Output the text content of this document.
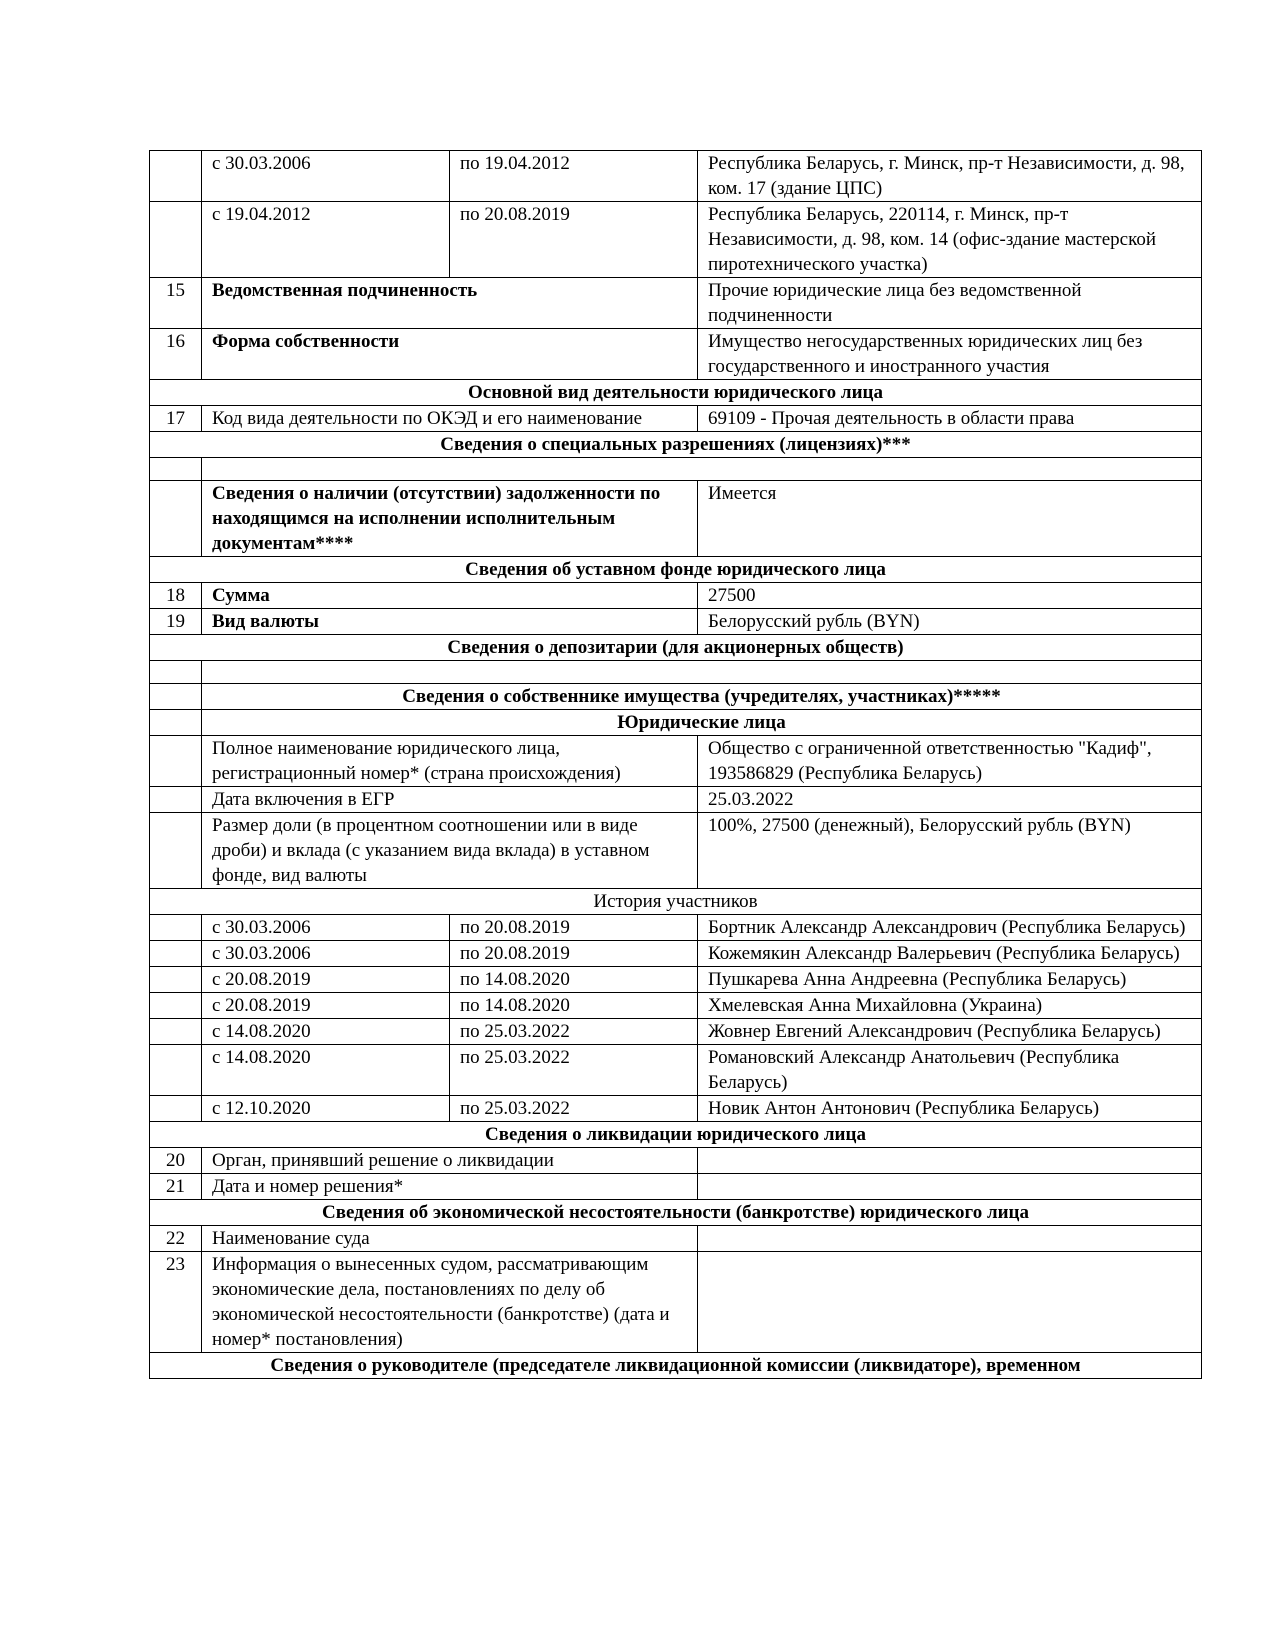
	с 30.03.2006	по 19.04.2012	Республика Беларусь, г. Минск, пр-т Независимости, д. 98, ком. 17 (здание ЦПС)
	с 19.04.2012	по 20.08.2019	Республика Беларусь, 220114, г. Минск, пр-т Независимости, д. 98, ком. 14 (офис-здание мастерской пиротехнического участка)
15	Ведомственная подчиненность		Прочие юридические лица без ведомственной подчиненности
16	Форма собственности		Имущество негосударственных юридических лиц без государственного и иностранного участия
Основной вид деятельности юридического лица			
17	Код вида деятельности по ОКЭД и его наименование		69109 - Прочая деятельность в области права
Сведения о специальных разрешениях (лицензиях)***			

	Сведения о наличии (отсутствии) задолженности по находящимся на исполнении исполнительным документам****		Имеется
Сведения об уставном фонде юридического лица			
18	Сумма		27500
19	Вид валюты		Белорусский рубль (BYN)
Сведения о депозитарии (для акционерных обществ)			

	Сведения о собственнике имущества (учредителях, участниках)*****		
	Юридические лица		
	Полное наименование юридического лица, регистрационный номер* (страна происхождения)		Общество с ограниченной ответственностью "Кадиф", 193586829 (Республика Беларусь)
	Дата включения в ЕГР		25.03.2022
	Размер доли (в процентном соотношении или в виде дроби) и вклада (с указанием вида вклада) в уставном фонде, вид валюты		100%, 27500 (денежный), Белорусский рубль (BYN)
История участников			
	с 30.03.2006	по 20.08.2019	Бортник Александр Александрович (Республика Беларусь)
	с 30.03.2006	по 20.08.2019	Кожемякин Александр Валерьевич (Республика Беларусь)
	с 20.08.2019	по 14.08.2020	Пушкарева Анна Андреевна (Республика Беларусь)
	с 20.08.2019	по 14.08.2020	Хмелевская Анна Михайловна (Украина)
	с 14.08.2020	по 25.03.2022	Жовнер Евгений Александрович (Республика Беларусь)
	с 14.08.2020	по 25.03.2022	Романовский Александр Анатольевич (Республика Беларусь)
	с 12.10.2020	по 25.03.2022	Новик Антон Антонович (Республика Беларусь)
Сведения о ликвидации юридического лица			
20	Орган, принявший решение о ликвидации		
21	Дата и номер решения*		
Сведения об экономической несостоятельности (банкротстве) юридического лица			
22	Наименование суда		
23	Информация о вынесенных судом, рассматривающим экономические дела, постановлениях по делу об экономической несостоятельности (банкротстве) (дата и номер* постановления)		
Сведения о руководителе (председателе ликвидационной комиссии (ликвидаторе), временном			
